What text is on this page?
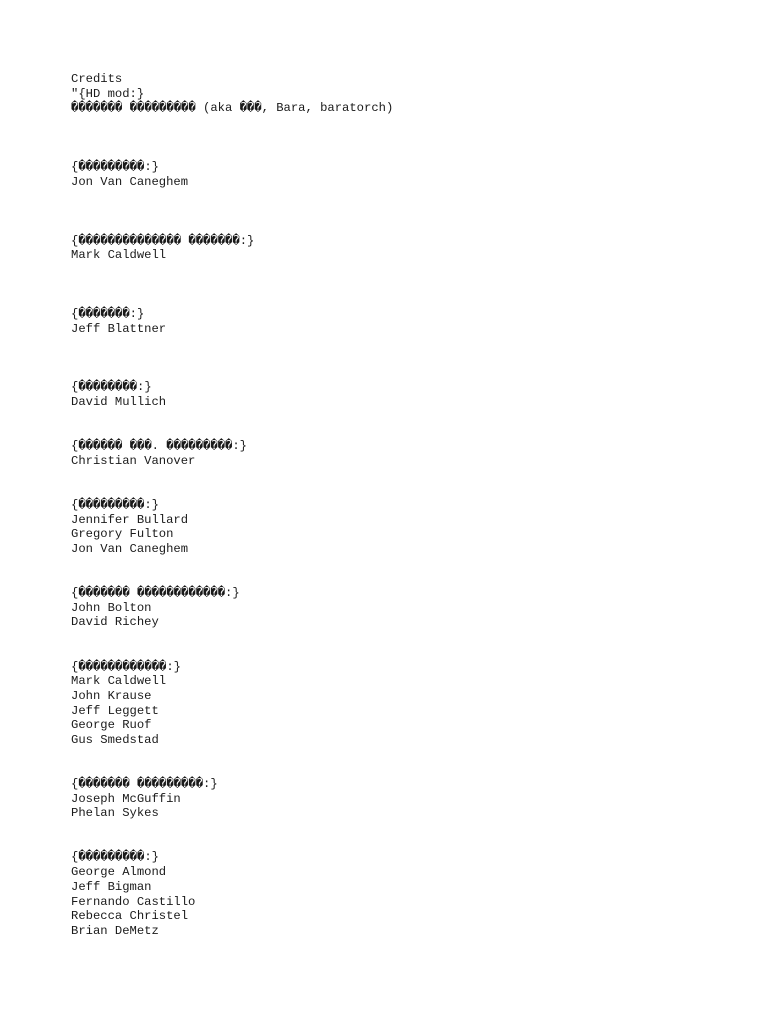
Credits
"{HD mod:}
������� ��������� (aka ���, Bara, baratorch)
{���������:}
Jon Van Caneghem
{�������������� �������:}
Mark Caldwell
{�������:}
Jeff Blattner
{��������:}
David Mullich
{������ ���. ���������:}
Christian Vanover
{���������:}
Jennifer Bullard
Gregory Fulton
Jon Van Caneghem
{������� ������������:}
John Bolton
David Richey
{������������:}
Mark Caldwell
John Krause
Jeff Leggett
George Ruof
Gus Smedstad
{������� ���������:}
Joseph McGuffin
Phelan Sykes
{���������:}
George Almond
Jeff Bigman
Fernando Castillo
Rebecca Christel
Brian DeMetz
